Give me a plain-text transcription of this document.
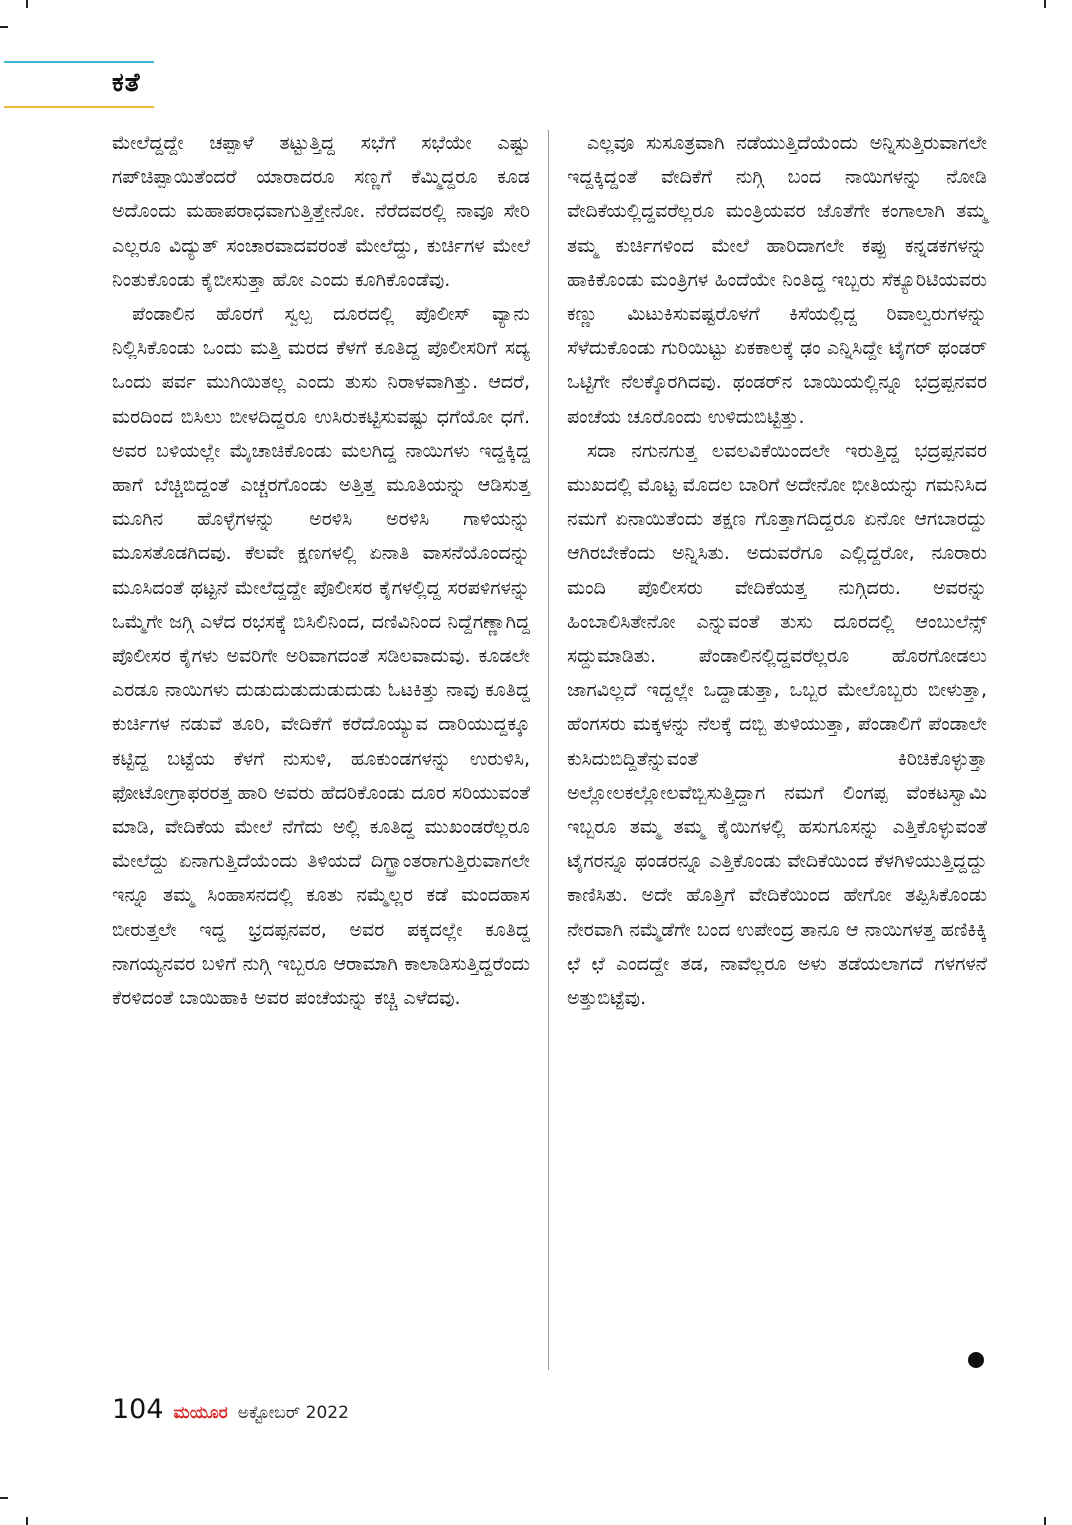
ಕತೆ

ಮೇಲೆದ್ದದ್ದೇ ಚಪ್ಪಾಳೆ ತಟ್ಟುತ್ತಿದ್ದ ಸಭೆಗೆ ಸಭೆಯೇ ಎಷ್ಟು ಗಪ್‌ಚಿಪ್ಪಾಯಿತೆಂದರೆ ಯಾರಾದರೂ ಸಣ್ಣಗೆ ಕೆಮ್ಮಿದ್ದರೂ ಕೂಡ ಅದೊಂದು ಮಹಾಪರಾಧವಾಗುತ್ತಿತ್ತೇನೋ. ನೆರೆದವರಲ್ಲಿ ನಾವೂ ಸೇರಿ ಎಲ್ಲರೂ ವಿದ್ಯುತ್ ಸಂಚಾರವಾದವರಂತೆ ಮೇಲೆದ್ದು, ಕುರ್ಚಿಗಳ ಮೇಲೆ ನಿಂತುಕೊಂಡು ಕೈಬೀಸುತ್ತಾ ಹೋ ಎಂದು ಕೂಗಿಕೊಂಡೆವು.

ಪೆಂಡಾಲಿನ ಹೊರಗೆ ಸ್ವಲ್ಪ ದೂರದಲ್ಲಿ ಪೊಲೀಸ್ ವ್ಯಾನು ನಿಲ್ಲಿಸಿಕೊಂಡು ಒಂದು ಮತ್ತಿ ಮರದ ಕೆಳಗೆ ಕೂತಿದ್ದ ಪೊಲೀಸರಿಗೆ ಸದ್ಯ ಒಂದು ಪರ್ವ ಮುಗಿಯಿತಲ್ಲ ಎಂದು ತುಸು ನಿರಾಳವಾಗಿತ್ತು. ಆದರೆ, ಮರದಿಂದ ಬಿಸಿಲು ಬೀಳದಿದ್ದರೂ ಉಸಿರುಕಟ್ಟಿಸುವಷ್ಟು ಧಗೆಯೋ ಧಗೆ. ಅವರ ಬಳಿಯಲ್ಲೇ ಮೈಚಾಚಿಕೊಂಡು ಮಲಗಿದ್ದ ನಾಯಿಗಳು ಇದ್ದಕ್ಕಿದ್ದ ಹಾಗೆ ಬೆಚ್ಚಿಬಿದ್ದಂತೆ ಎಚ್ಚರಗೊಂಡು ಅತ್ತಿತ್ತ ಮೂತಿಯನ್ನು ಆಡಿಸುತ್ತ ಮೂಗಿನ ಹೊಳ್ಳೆಗಳನ್ನು ಅರಳಿಸಿ ಅರಳಿಸಿ ಗಾಳಿಯನ್ನು ಮೂಸತೊಡಗಿದವು. ಕೆಲವೇ ಕ್ಷಣಗಳಲ್ಲಿ ಏನಾತಿ ವಾಸನೆಯೊಂದನ್ನು ಮೂಸಿದಂತೆ ಥಟ್ಟನೆ ಮೇಲೆದ್ದದ್ದೇ ಪೊಲೀಸರ ಕೈಗಳಲ್ಲಿದ್ದ ಸರಪಳಿಗಳನ್ನು ಒಮ್ಮೆಗೇ ಜಗ್ಗಿ ಎಳೆದ ರಭಸಕ್ಕೆ ಬಿಸಿಲಿನಿಂದ, ದಣಿವಿನಿಂದ ನಿದ್ದೆಗಣ್ಣಾಗಿದ್ದ ಪೊಲೀಸರ ಕೈಗಳು ಅವರಿಗೇ ಅರಿವಾಗದಂತೆ ಸಡಿಲವಾದುವು. ಕೂಡಲೇ ಎರಡೂ ನಾಯಿಗಳು ದುಡುದುಡುದುಡುದುಡು ಓಟಕಿತ್ತು ನಾವು ಕೂತಿದ್ದ ಕುರ್ಚಿಗಳ ನಡುವೆ ತೂರಿ, ವೇದಿಕೆಗೆ ಕರೆದೊಯ್ಯುವ ದಾರಿಯುದ್ದಕ್ಕೂ ಕಟ್ಟಿದ್ದ ಬಟ್ಟೆಯ ಕೆಳಗೆ ನುಸುಳಿ, ಹೂಕುಂಡಗಳನ್ನು ಉರುಳಿಸಿ, ಫೋಟೋಗ್ರಾಫರರತ್ತ ಹಾರಿ ಅವರು ಹೆದರಿಕೊಂಡು ದೂರ ಸರಿಯುವಂತೆ ಮಾಡಿ, ವೇದಿಕೆಯ ಮೇಲೆ ನೆಗೆದು ಅಲ್ಲಿ ಕೂತಿದ್ದ ಮುಖಂಡರೆಲ್ಲರೂ ಮೇಲೆದ್ದು ಏನಾಗುತ್ತಿದೆಯೆಂದು ತಿಳಿಯದೆ ದಿಗ್ಭ್ರಾಂತರಾಗುತ್ತಿರುವಾಗಲೇ ಇನ್ನೂ ತಮ್ಮ ಸಿಂಹಾಸನದಲ್ಲಿ ಕೂತು ನಮ್ಮೆಲ್ಲರ ಕಡೆ ಮಂದಹಾಸ ಬೀರುತ್ತಲೇ ಇದ್ದ ಭ್ರದಪ್ಪನವರ, ಅವರ ಪಕ್ಕದಲ್ಲೇ ಕೂತಿದ್ದ ನಾಗಯ್ಯನವರ ಬಳಿಗೆ ನುಗ್ಗಿ ಇಬ್ಬರೂ ಆರಾಮಾಗಿ ಕಾಲಾಡಿಸುತ್ತಿದ್ದರೆಂದು ಕೆರಳಿದಂತೆ ಬಾಯಿಹಾಕಿ ಅವರ ಪಂಚೆಯನ್ನು ಕಚ್ಚಿ ಎಳೆದವು.

ಎಲ್ಲವೂ ಸುಸೂತ್ರವಾಗಿ ನಡೆಯುತ್ತಿದೆಯೆಂದು ಅನ್ನಿಸುತ್ತಿರುವಾಗಲೇ ಇದ್ದಕ್ಕಿದ್ದಂತೆ ವೇದಿಕೆಗೆ ನುಗ್ಗಿ ಬಂದ ನಾಯಿಗಳನ್ನು ನೋಡಿ ವೇದಿಕೆಯಲ್ಲಿದ್ದವರೆಲ್ಲರೂ ಮಂತ್ರಿಯವರ ಜೊತೆಗೇ ಕಂಗಾಲಾಗಿ ತಮ್ಮ ತಮ್ಮ ಕುರ್ಚಿಗಳಿಂದ ಮೇಲೆ ಹಾರಿದಾಗಲೇ ಕಪ್ಪು ಕನ್ನಡಕಗಳನ್ನು ಹಾಕಿಕೊಂಡು ಮಂತ್ರಿಗಳ ಹಿಂದೆಯೇ ನಿಂತಿದ್ದ ಇಬ್ಬರು ಸೆಕ್ಯೂರಿಟಿಯವರು ಕಣ್ಣು ಮಿಟುಕಿಸುವಷ್ಟರೊಳಗೆ ಕಿಸೆಯಲ್ಲಿದ್ದ ರಿವಾಲ್ವರುಗಳನ್ನು ಸೆಳೆದುಕೊಂಡು ಗುರಿಯಿಟ್ಟು ಏಕಕಾಲಕ್ಕೆ ಢಂ ಎನ್ನಿಸಿದ್ದೇ ಟೈಗರ್ ಥಂಡರ್ ಒಟ್ಟಿಗೇ ನೆಲಕ್ಕೊರಗಿದವು. ಥಂಡರ್‌ನ ಬಾಯಿಯಲ್ಲಿನ್ನೂ ಭದ್ರಪ್ಪನವರ ಪಂಚೆಯ ಚೂರೊಂದು ಉಳಿದುಬಿಟ್ಟಿತ್ತು.

ಸದಾ ನಗುನಗುತ್ತ ಲವಲವಿಕೆಯಿಂದಲೇ ಇರುತ್ತಿದ್ದ ಭದ್ರಪ್ಪನವರ ಮುಖದಲ್ಲಿ ಮೊಟ್ಟ ಮೊದಲ ಬಾರಿಗೆ ಅದೇನೋ ಭೀತಿಯನ್ನು ಗಮನಿಸಿದ ನಮಗೆ ಏನಾಯಿತೆಂದು ತಕ್ಷಣ ಗೊತ್ತಾಗದಿದ್ದರೂ ಏನೋ ಆಗಬಾರದ್ದು ಆಗಿರಬೇಕೆಂದು ಅನ್ನಿಸಿತು. ಅದುವರೆಗೂ ಎಲ್ಲಿದ್ದರೋ, ನೂರಾರು ಮಂದಿ ಪೊಲೀಸರು ವೇದಿಕೆಯತ್ತ ನುಗ್ಗಿದರು. ಅವರನ್ನು ಹಿಂಬಾಲಿಸಿತೇನೋ ಎನ್ನುವಂತೆ ತುಸು ದೂರದಲ್ಲಿ ಆಂಬುಲೆನ್ಸ್ ಸದ್ದುಮಾಡಿತು. ಪೆಂಡಾಲಿನಲ್ಲಿದ್ದವರೆಲ್ಲರೂ ಹೊರಗೋಡಲು ಜಾಗವಿಲ್ಲದೆ ಇದ್ದಲ್ಲೇ ಒದ್ದಾಡುತ್ತಾ, ಒಬ್ಬರ ಮೇಲೊಬ್ಬರು ಬೀಳುತ್ತಾ, ಹೆಂಗಸರು ಮಕ್ಕಳನ್ನು ನೆಲಕ್ಕೆ ದಬ್ಬಿ ತುಳಿಯುತ್ತಾ, ಪೆಂಡಾಲಿಗೆ ಪೆಂಡಾಲೇ ಕುಸಿದುಬಿದ್ದಿತೆನ್ನುವಂತೆ ಕಿರಿಚಿಕೊಳ್ಳುತ್ತಾ ಅಲ್ಲೋಲಕಲ್ಲೋಲವೆಬ್ಬಿಸುತ್ತಿದ್ದಾಗ ನಮಗೆ ಲಿಂಗಪ್ಪ ವೆಂಕಟಸ್ವಾಮಿ ಇಬ್ಬರೂ ತಮ್ಮ ತಮ್ಮ ಕೈಯಿಗಳಲ್ಲಿ ಹಸುಗೂಸನ್ನು ಎತ್ತಿಕೊಳ್ಳುವಂತೆ ಟೈಗರನ್ನೂ ಥಂಡರನ್ನೂ ಎತ್ತಿಕೊಂಡು ವೇದಿಕೆಯಿಂದ ಕೆಳಗಿಳಿಯುತ್ತಿದ್ದದ್ದು ಕಾಣಿಸಿತು. ಅದೇ ಹೊತ್ತಿಗೆ ವೇದಿಕೆಯಿಂದ ಹೇಗೋ ತಪ್ಪಿಸಿಕೊಂಡು ನೇರವಾಗಿ ನಮ್ಮೆಡೆಗೇ ಬಂದ ಉಪೇಂದ್ರ ತಾನೂ ಆ ನಾಯಿಗಳತ್ತ ಹಣಿಕಿಕ್ಕಿ ಛೆ ಛೆ ಎಂದದ್ದೇ ತಡ, ನಾವೆಲ್ಲರೂ ಅಳು ತಡೆಯಲಾಗದೆ ಗಳಗಳನೆ ಅತ್ತುಬಿಟ್ಟೆವು.

104 ಮಯೂರ ಅಕ್ಟೋಬರ್ 2022
